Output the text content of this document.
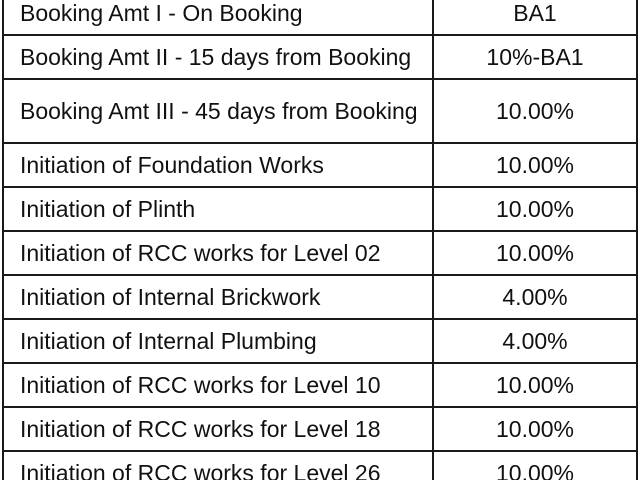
Booking Amt I - On Booking	BA1
Booking Amt II - 15 days from Booking	10%-BA1
Booking Amt III - 45 days from Booking	10.00%
Initiation of Foundation Works	10.00%
Initiation of Plinth	10.00%
Initiation of RCC works for Level 02	10.00%
Initiation of Internal Brickwork	4.00%
Initiation of Internal Plumbing	4.00%
Initiation of RCC works for Level 10	10.00%
Initiation of RCC works for Level 18	10.00%
Initiation of RCC works for Level 26	10.00%
